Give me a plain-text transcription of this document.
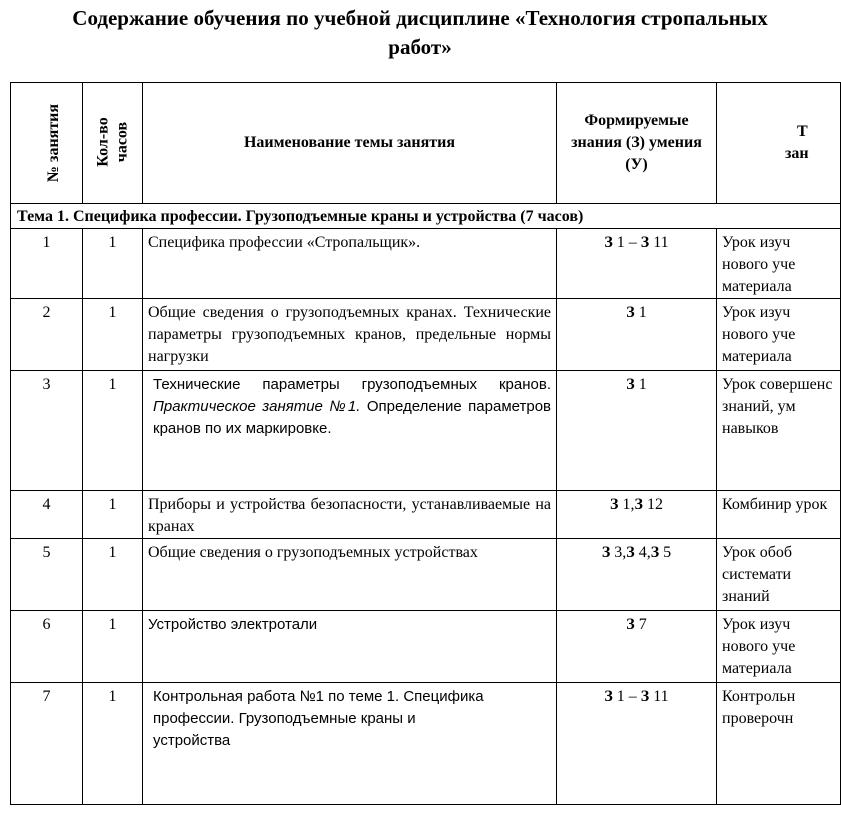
Содержание обучения по учебной дисциплине «Технология стропальных
работ»
№ занятия	Кол-во часов	Наименование темы занятия	Формируемые знания (З) умения (У)	Т
зан
Тема 1. Специфика профессии. Грузоподъемные краны и устройства (7 часов)				
1	1	Специфика профессии «Стропальщик».	З 1 – З 11	Урок изуч нового уче материала
2	1	Общие сведения о грузоподъемных кранах. Технические параметры грузоподъемных кранов, предельные нормы нагрузки	З 1	Урок изуч нового уче материала
3	1	Технические параметры грузоподъемных кранов. Практическое занятие №1. Определение параметров кранов по их маркировке.	З 1	Урок совершенс знаний, ум навыков
4	1	Приборы и устройства безопасности, устанавливаемые на кранах	З 1,З 12	Комбинир урок
5	1	Общие сведения о грузоподъемных устройствах	З 3,З 4,З 5	Урок обоб системати знаний
6	1	Устройство электротали	З 7	Урок изуч нового уче материала
7	1	Контрольная работа №1 по теме 1. Специфика профессии. Грузоподъемные краны и устройства	З 1 – З 11	Контрольн проверочн
